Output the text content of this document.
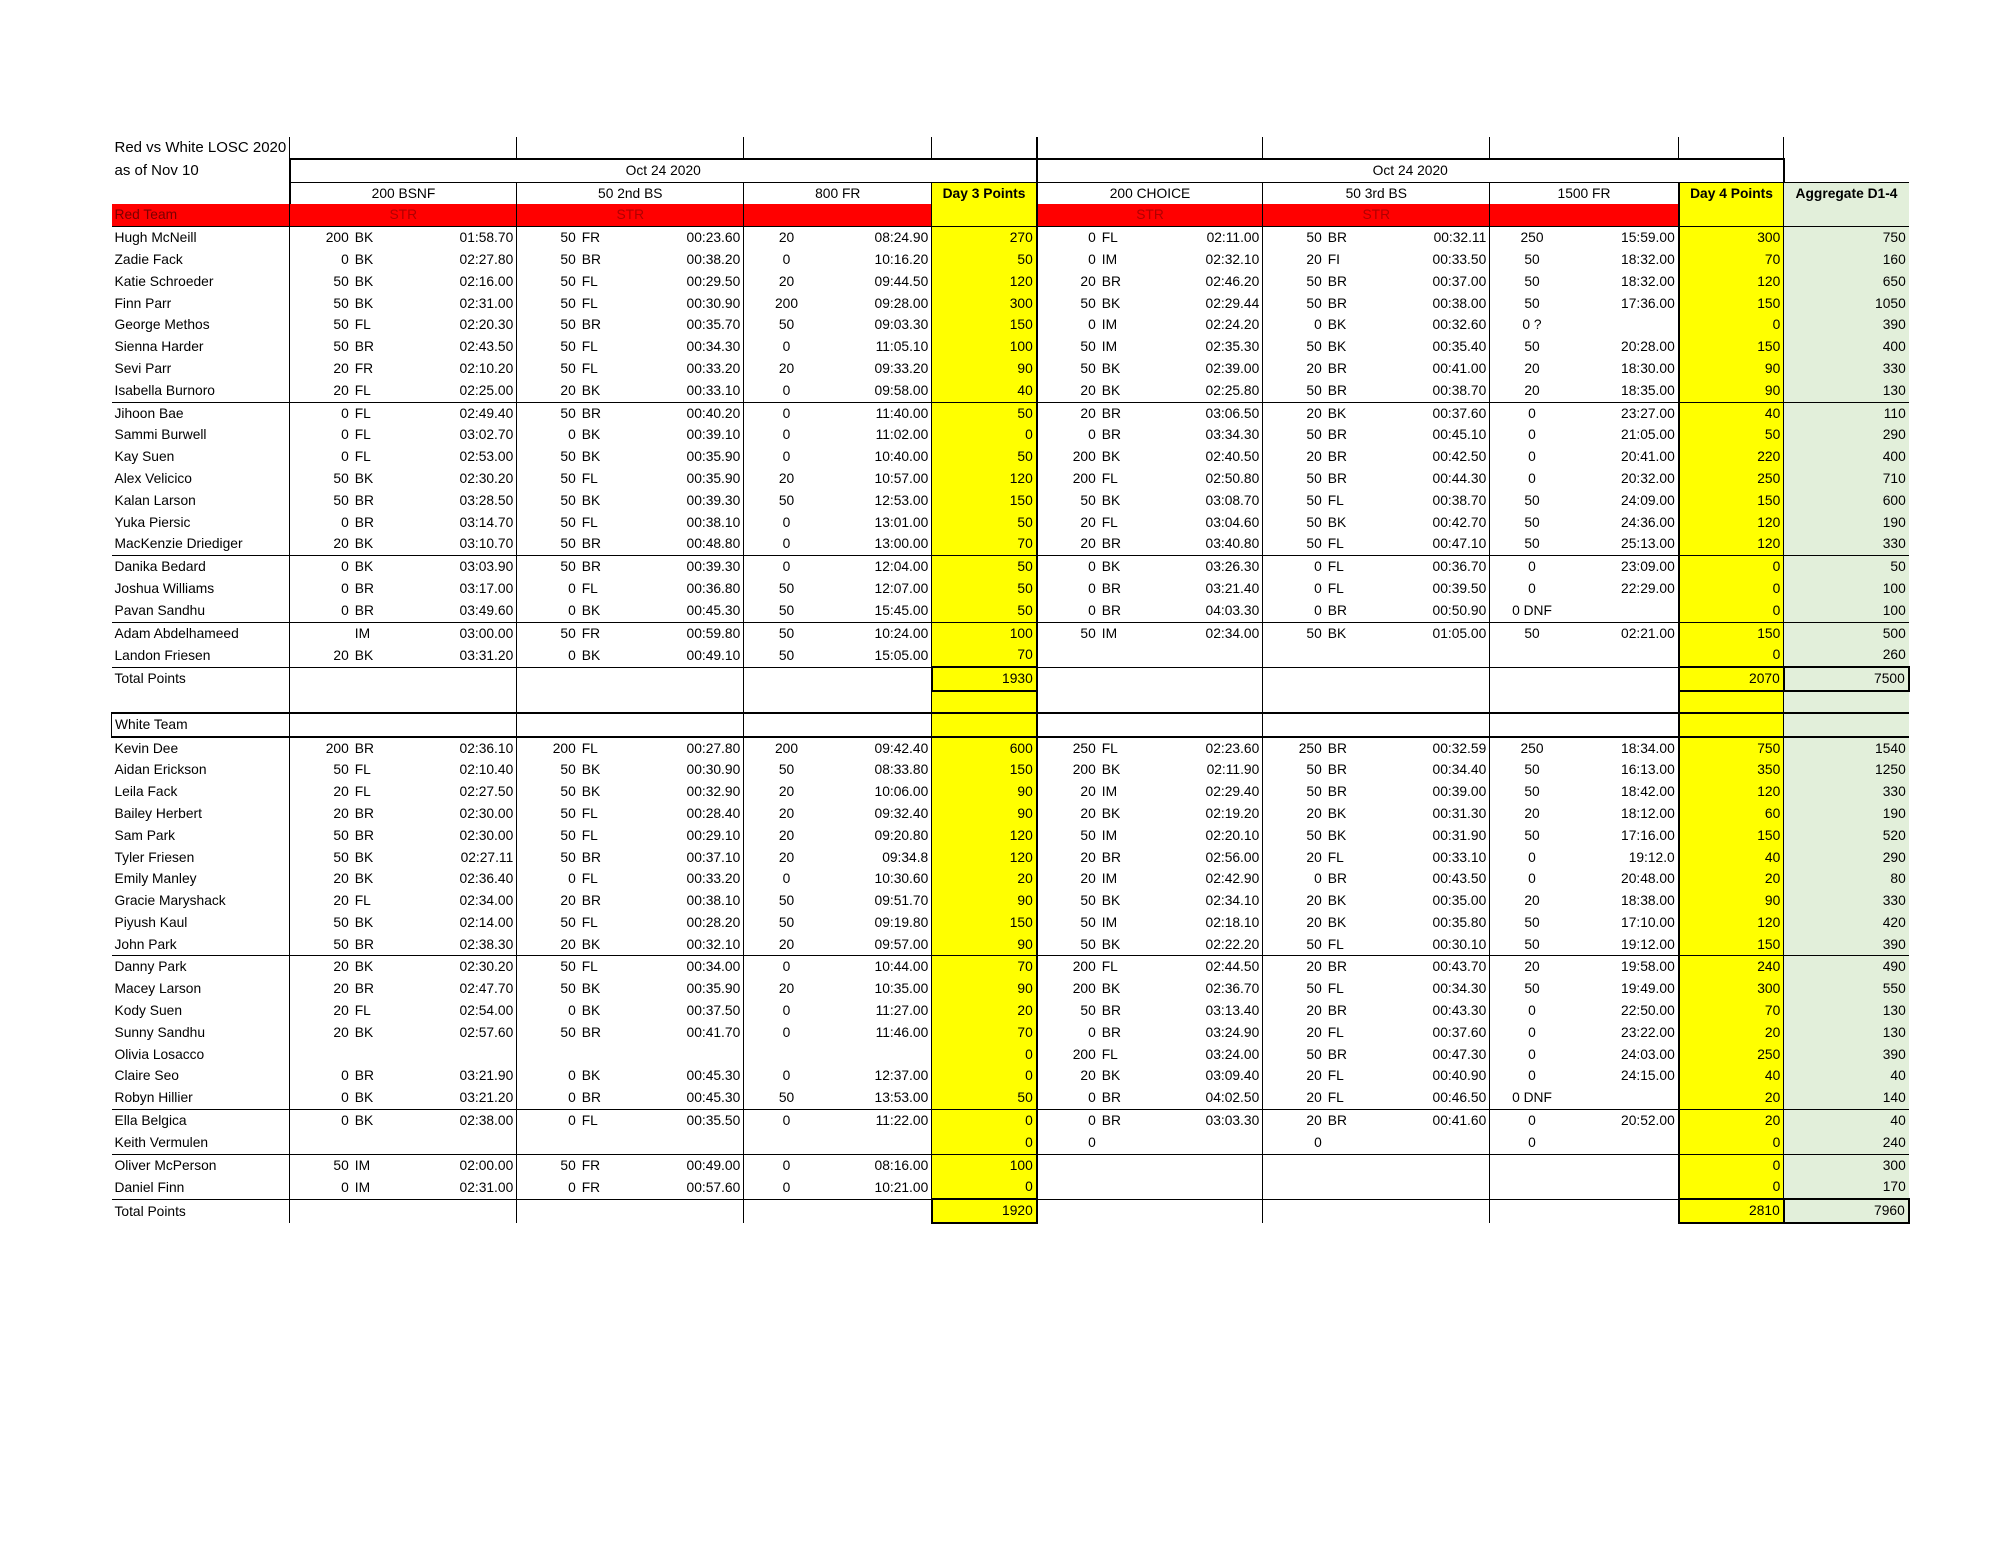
Red vs White LOSC 2020																			
as of Nov 10	Oct 24 2020									Oct 24 2020									
	200 BSNF			50 2nd BS			800 FR		Day 3 Points	200 CHOICE			50 3rd BS			1500 FR		Day 4 Points	Aggregate D1-4
Red Team	STR			STR						STR			STR						
Hugh McNeill	200	BK	01:58.70	50	FR	00:23.60	20	08:24.90	270	0	FL	02:11.00	50	BR	00:32.11	250	15:59.00	300	750
Zadie Fack	0	BK	02:27.80	50	BR	00:38.20	0	10:16.20	50	0	IM	02:32.10	20	FI	00:33.50	50	18:32.00	70	160
Katie Schroeder	50	BK	02:16.00	50	FL	00:29.50	20	09:44.50	120	20	BR	02:46.20	50	BR	00:37.00	50	18:32.00	120	650
Finn Parr	50	BK	02:31.00	50	FL	00:30.90	200	09:28.00	300	50	BK	02:29.44	50	BR	00:38.00	50	17:36.00	150	1050
George Methos	50	FL	02:20.30	50	BR	00:35.70	50	09:03.30	150	0	IM	02:24.20	0	BK	00:32.60	0 ?		0	390
Sienna Harder	50	BR	02:43.50	50	FL	00:34.30	0	11:05.10	100	50	IM	02:35.30	50	BK	00:35.40	50	20:28.00	150	400
Sevi Parr	20	FR	02:10.20	50	FL	00:33.20	20	09:33.20	90	50	BK	02:39.00	20	BR	00:41.00	20	18:30.00	90	330
Isabella Burnoro	20	FL	02:25.00	20	BK	00:33.10	0	09:58.00	40	20	BK	02:25.80	50	BR	00:38.70	20	18:35.00	90	130
Jihoon Bae	0	FL	02:49.40	50	BR	00:40.20	0	11:40.00	50	20	BR	03:06.50	20	BK	00:37.60	0	23:27.00	40	110
Sammi Burwell	0	FL	03:02.70	0	BK	00:39.10	0	11:02.00	0	0	BR	03:34.30	50	BR	00:45.10	0	21:05.00	50	290
Kay Suen	0	FL	02:53.00	50	BK	00:35.90	0	10:40.00	50	200	BK	02:40.50	20	BR	00:42.50	0	20:41.00	220	400
Alex Velicico	50	BK	02:30.20	50	FL	00:35.90	20	10:57.00	120	200	FL	02:50.80	50	BR	00:44.30	0	20:32.00	250	710
Kalan Larson	50	BR	03:28.50	50	BK	00:39.30	50	12:53.00	150	50	BK	03:08.70	50	FL	00:38.70	50	24:09.00	150	600
Yuka Piersic	0	BR	03:14.70	50	FL	00:38.10	0	13:01.00	50	20	FL	03:04.60	50	BK	00:42.70	50	24:36.00	120	190
MacKenzie Driediger	20	BK	03:10.70	50	BR	00:48.80	0	13:00.00	70	20	BR	03:40.80	50	FL	00:47.10	50	25:13.00	120	330
Danika Bedard	0	BK	03:03.90	50	BR	00:39.30	0	12:04.00	50	0	BK	03:26.30	0	FL	00:36.70	0	23:09.00	0	50
Joshua Williams	0	BR	03:17.00	0	FL	00:36.80	50	12:07.00	50	0	BR	03:21.40	0	FL	00:39.50	0	22:29.00	0	100
Pavan Sandhu	0	BR	03:49.60	0	BK	00:45.30	50	15:45.00	50	0	BR	04:03.30	0	BR	00:50.90	0 DNF		0	100
Adam Abdelhameed		IM	03:00.00	50	FR	00:59.80	50	10:24.00	100	50	IM	02:34.00	50	BK	01:05.00	50	02:21.00	150	500
Landon Friesen	20	BK	03:31.20	0	BK	00:49.10	50	15:05.00	70									0	260
Total Points									1930									2070	7500

White Team																			
Kevin Dee	200	BR	02:36.10	200	FL	00:27.80	200	09:42.40	600	250	FL	02:23.60	250	BR	00:32.59	250	18:34.00	750	1540
Aidan Erickson	50	FL	02:10.40	50	BK	00:30.90	50	08:33.80	150	200	BK	02:11.90	50	BR	00:34.40	50	16:13.00	350	1250
Leila Fack	20	FL	02:27.50	50	BK	00:32.90	20	10:06.00	90	20	IM	02:29.40	50	BR	00:39.00	50	18:42.00	120	330
Bailey Herbert	20	BR	02:30.00	50	FL	00:28.40	20	09:32.40	90	20	BK	02:19.20	20	BK	00:31.30	20	18:12.00	60	190
Sam Park	50	BR	02:30.00	50	FL	00:29.10	20	09:20.80	120	50	IM	02:20.10	50	BK	00:31.90	50	17:16.00	150	520
Tyler Friesen	50	BK	02:27.11	50	BR	00:37.10	20	09:34.8	120	20	BR	02:56.00	20	FL	00:33.10	0	19:12.0	40	290
Emily Manley	20	BK	02:36.40	0	FL	00:33.20	0	10:30.60	20	20	IM	02:42.90	0	BR	00:43.50	0	20:48.00	20	80
Gracie Maryshack	20	FL	02:34.00	20	BR	00:38.10	50	09:51.70	90	50	BK	02:34.10	20	BK	00:35.00	20	18:38.00	90	330
Piyush Kaul	50	BK	02:14.00	50	FL	00:28.20	50	09:19.80	150	50	IM	02:18.10	20	BK	00:35.80	50	17:10.00	120	420
John Park	50	BR	02:38.30	20	BK	00:32.10	20	09:57.00	90	50	BK	02:22.20	50	FL	00:30.10	50	19:12.00	150	390
Danny Park	20	BK	02:30.20	50	FL	00:34.00	0	10:44.00	70	200	FL	02:44.50	20	BR	00:43.70	20	19:58.00	240	490
Macey Larson	20	BR	02:47.70	50	BK	00:35.90	20	10:35.00	90	200	BK	02:36.70	50	FL	00:34.30	50	19:49.00	300	550
Kody Suen	20	FL	02:54.00	0	BK	00:37.50	0	11:27.00	20	50	BR	03:13.40	20	BR	00:43.30	0	22:50.00	70	130
Sunny Sandhu	20	BK	02:57.60	50	BR	00:41.70	0	11:46.00	70	0	BR	03:24.90	20	FL	00:37.60	0	23:22.00	20	130
Olivia Losacco									0	200	FL	03:24.00	50	BR	00:47.30	0	24:03.00	250	390
Claire Seo	0	BR	03:21.90	0	BK	00:45.30	0	12:37.00	0	20	BK	03:09.40	20	FL	00:40.90	0	24:15.00	40	40
Robyn Hillier	0	BK	03:21.20	0	BR	00:45.30	50	13:53.00	50	0	BR	04:02.50	20	FL	00:46.50	0 DNF		20	140
Ella Belgica	0	BK	02:38.00	0	FL	00:35.50	0	11:22.00	0	0	BR	03:03.30	20	BR	00:41.60	0	20:52.00	20	40
Keith Vermulen									0	0			0			0		0	240
Oliver McPerson	50	IM	02:00.00	50	FR	00:49.00	0	08:16.00	100									0	300
Daniel Finn	0	IM	02:31.00	0	FR	00:57.60	0	10:21.00	0									0	170
Total Points									1920									2810	7960
